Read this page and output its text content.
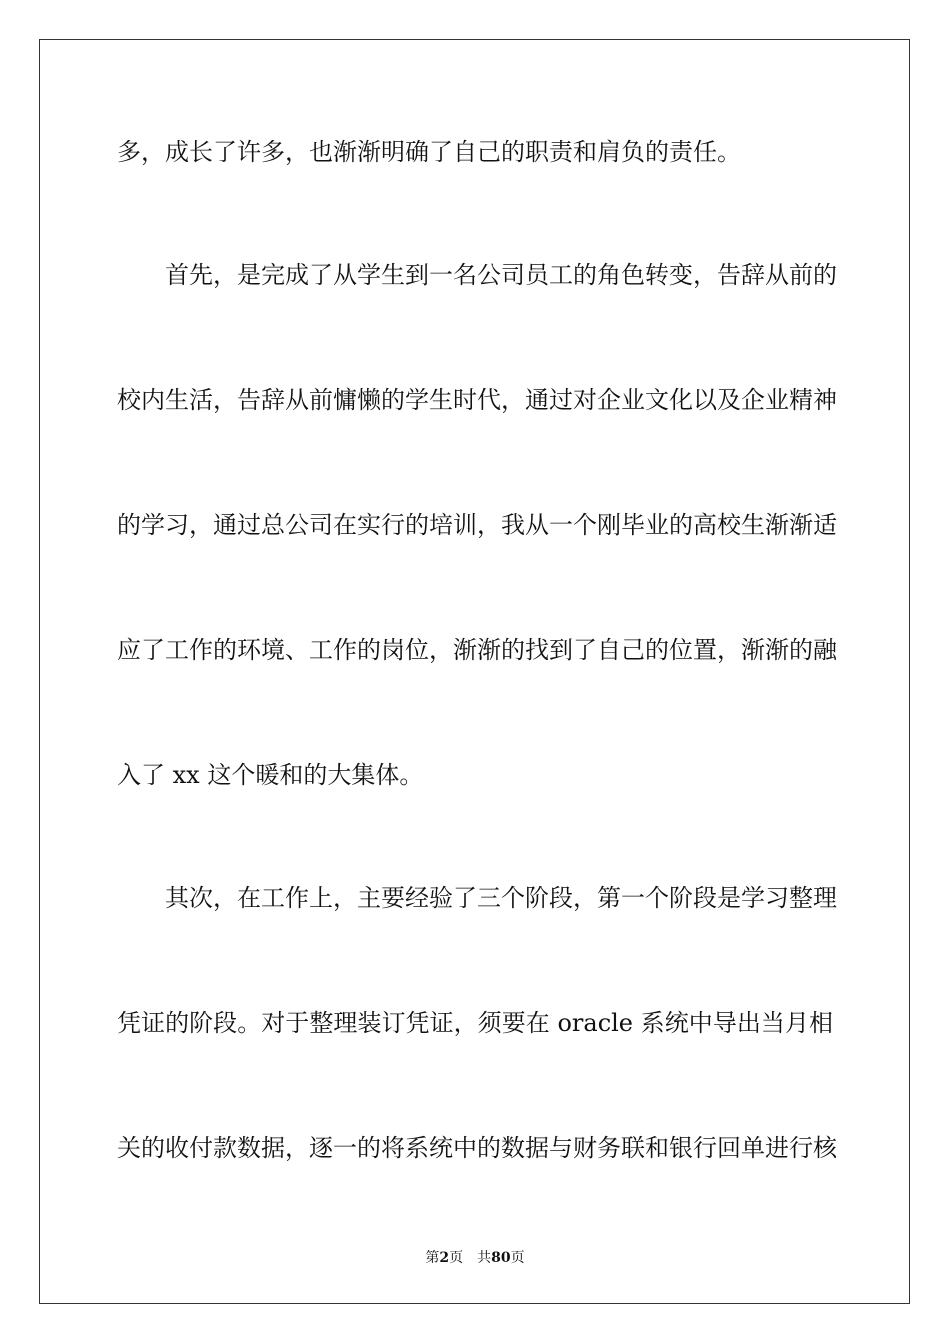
多，成长了许多，也渐渐明确了自己的职责和肩负的责任。
首先，是完成了从学生到一名公司员工的角色转变，告辞从前的
校内生活，告辞从前慵懒的学生时代，通过对企业文化以及企业精神
的学习，通过总公司在实行的培训，我从一个刚毕业的高校生渐渐适
应了工作的环境、工作的岗位，渐渐的找到了自己的位置，渐渐的融
入了 xx 这个暖和的大集体。
其次，在工作上，主要经验了三个阶段，第一个阶段是学习整理
凭证的阶段。对于整理装订凭证，须要在 oracle 系统中导出当月相
关的收付款数据，逐一的将系统中的数据与财务联和银行回单进行核
第2页 共80页
